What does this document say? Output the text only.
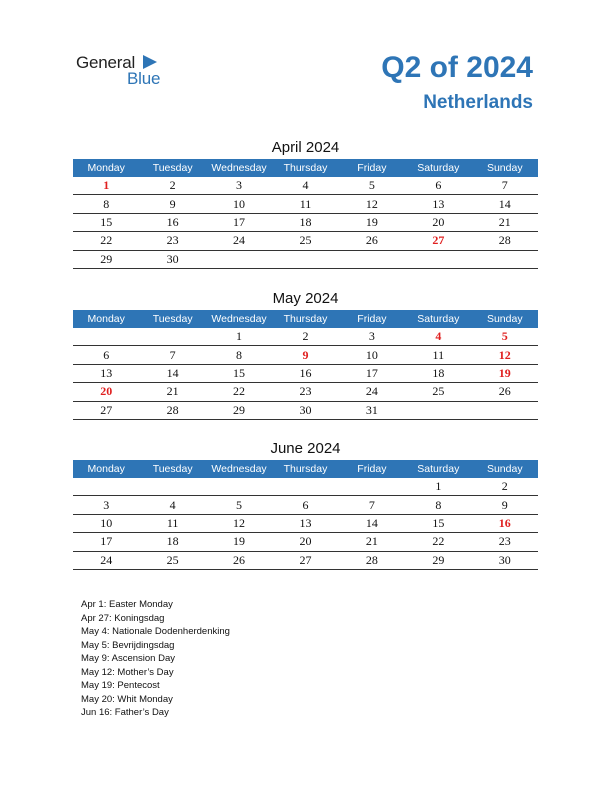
General
Blue	Q2 of 2024
Netherlands
April 2024
Monday	Tuesday	Wednesday	Thursday	Friday	Saturday	Sunday
1	2	3	4	5	6	7
8	9	10	11	12	13	14
15	16	17	18	19	20	21
22	23	24	25	26	27	28
29	30					
May 2024
Monday	Tuesday	Wednesday	Thursday	Friday	Saturday	Sunday
		1	2	3	4	5
6	7	8	9	10	11	12
13	14	15	16	17	18	19
20	21	22	23	24	25	26
27	28	29	30	31		
June 2024
Monday	Tuesday	Wednesday	Thursday	Friday	Saturday	Sunday
					1	2
3	4	5	6	7	8	9
10	11	12	13	14	15	16
17	18	19	20	21	22	23
24	25	26	27	28	29	30
Apr 1: Easter Monday
Apr 27: Koningsdag
May 4: Nationale Dodenherdenking
May 5: Bevrijdingsdag
May 9: Ascension Day
May 12: Mother’s Day
May 19: Pentecost
May 20: Whit Monday
Jun 16: Father’s Day
